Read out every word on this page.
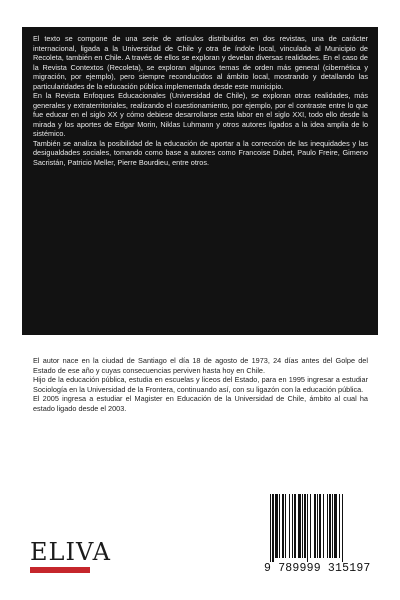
El texto se compone de una serie de artículos distribuidos en dos revistas, una de carácter internacional, ligada a la Universidad de Chile y otra de índole local, vinculada al Municipio de Recoleta, también en Chile. A través de ellos se exploran y develan diversas realidades. En el caso de la Revista Contextos (Recoleta), se exploran algunos temas de orden más general (cibernética y migración, por ejemplo), pero siempre reconducidos al ámbito local, mostrando y detallando las particularidades de la educación pública implementada desde este municipio.

En la Revista Enfoques Educacionales (Universidad de Chile), se exploran otras realidades, más generales y extraterritoriales, realizando el cuestionamiento, por ejemplo, por el contraste entre lo que fue educar en el siglo XX y cómo debiese desarrollarse esta labor en el siglo XXI, todo ello desde la mirada y los aportes de Edgar Morin, Niklas Luhmann y otros autores ligados a la idea amplia de lo sistémico.

También se analiza la posibilidad de la educación de aportar a la corrección de las inequidades y las desigualdades sociales, tomando como base a autores como Francoise Dubet, Paulo Freire, Gimeno Sacristán, Patricio Meller, Pierre Bourdieu, entre otros.

El autor nace en la ciudad de Santiago el día 18 de agosto de 1973, 24 días antes del Golpe del Estado de ese año y cuyas consecuencias perviven hasta hoy en Chile.

Hijo de la educación pública, estudia en escuelas y liceos del Estado, para en 1995 ingresar a estudiar Sociología en la Universidad de la Frontera, continuando así, con su ligazón con la educación pública.

El 2005 ingresa a estudiar el Magister en Educación de la Universidad de Chile, ámbito al cual ha estado ligado desde el 2003.

ELIVA
9 789999 315197
